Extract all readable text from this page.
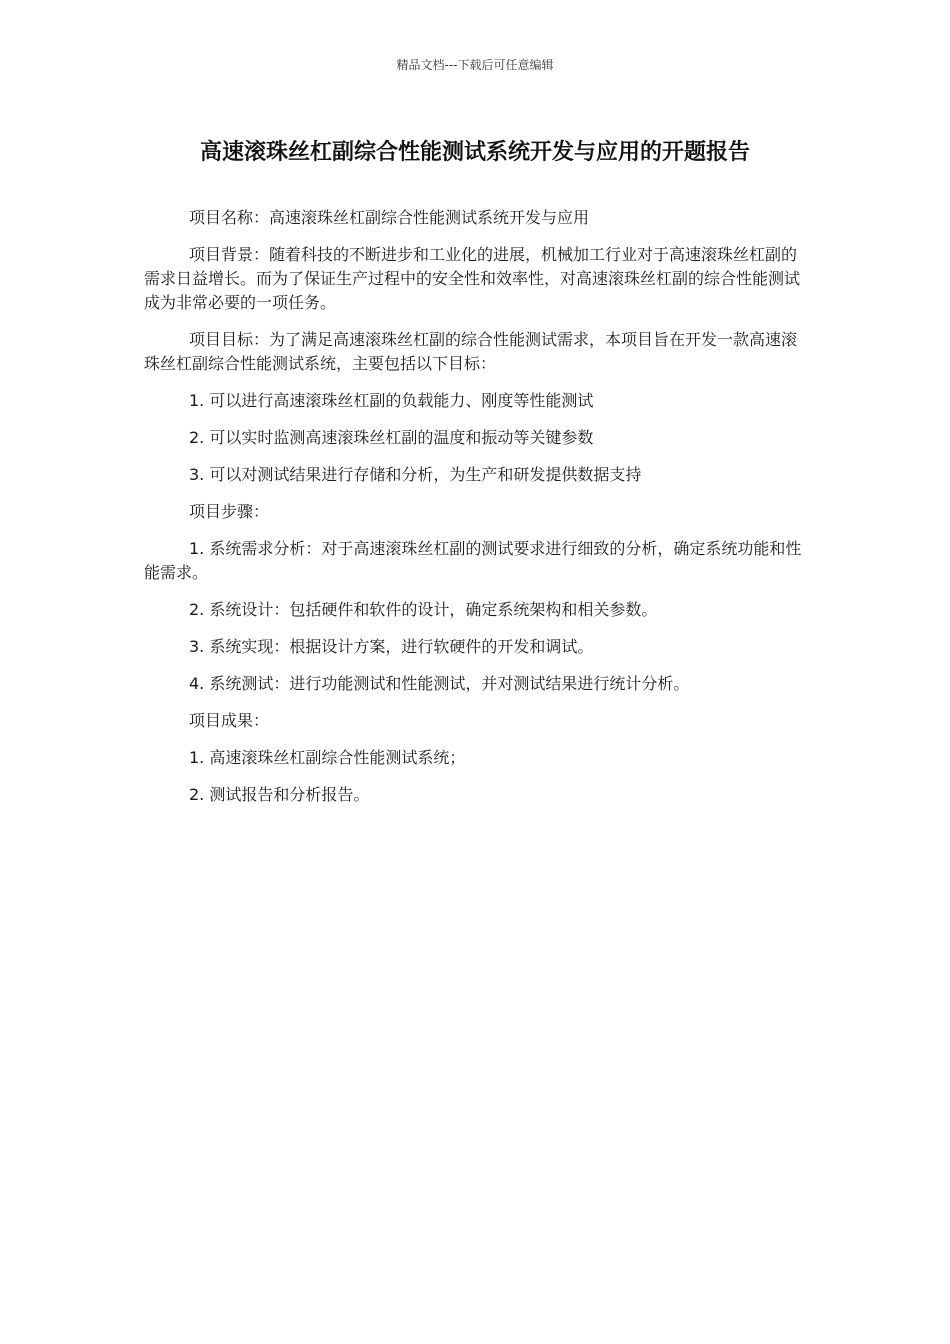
精品文档---下载后可任意编辑
高速滚珠丝杠副综合性能测试系统开发与应用的开题报告

项目名称：高速滚珠丝杠副综合性能测试系统开发与应用

项目背景：随着科技的不断进步和工业化的进展，机械加工行业对于高速滚珠丝杠副的需求日益增长。而为了保证生产过程中的安全性和效率性，对高速滚珠丝杠副的综合性能测试成为非常必要的一项任务。

项目目标：为了满足高速滚珠丝杠副的综合性能测试需求，本项目旨在开发一款高速滚珠丝杠副综合性能测试系统，主要包括以下目标：

1. 可以进行高速滚珠丝杠副的负载能力、刚度等性能测试

2. 可以实时监测高速滚珠丝杠副的温度和振动等关键参数

3. 可以对测试结果进行存储和分析，为生产和研发提供数据支持

项目步骤：

1. 系统需求分析：对于高速滚珠丝杠副的测试要求进行细致的分析，确定系统功能和性能需求。

2. 系统设计：包括硬件和软件的设计，确定系统架构和相关参数。

3. 系统实现：根据设计方案，进行软硬件的开发和调试。

4. 系统测试：进行功能测试和性能测试，并对测试结果进行统计分析。

项目成果：

1. 高速滚珠丝杠副综合性能测试系统；

2. 测试报告和分析报告。
